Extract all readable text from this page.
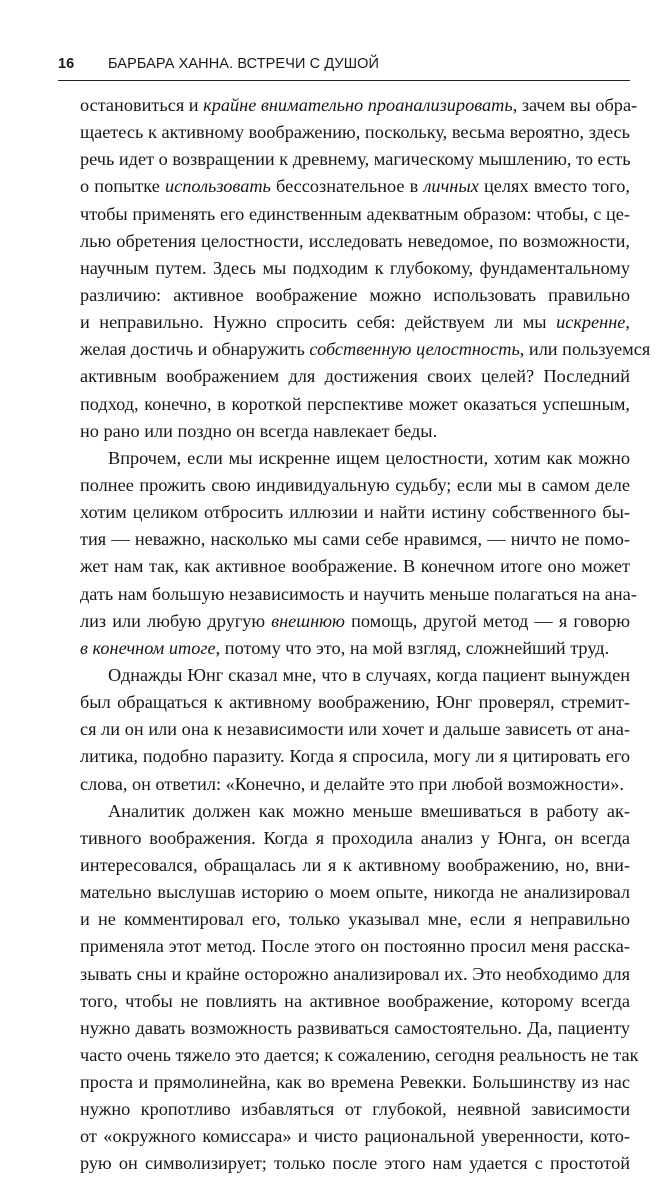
16 БАРБАРА ХАННА. ВСТРЕЧИ С ДУШОЙ
остановиться и крайне внимательно проанализировать, зачем вы обра-
щаетесь к активному воображению, поскольку, весьма вероятно, здесь
речь идет о возвращении к древнему, магическому мышлению, то есть
о попытке использовать бессознательное в личных целях вместо того,
чтобы применять его единственным адекватным образом: чтобы, с це-
лью обретения целостности, исследовать неведомое, по возможности,
научным путем. Здесь мы подходим к глубокому, фундаментальному
различию: активное воображение можно использовать правильно
и неправильно. Нужно спросить себя: действуем ли мы искренне,
желая достичь и обнаружить собственную целостность, или пользуемся
активным воображением для достижения своих целей? Последний
подход, конечно, в короткой перспективе может оказаться успешным,
но рано или поздно он всегда навлекает беды.
Впрочем, если мы искренне ищем целостности, хотим как можно
полнее прожить свою индивидуальную судьбу; если мы в самом деле
хотим целиком отбросить иллюзии и найти истину собственного бы-
тия — неважно, насколько мы сами себе нравимся, — ничто не помо-
жет нам так, как активное воображение. В конечном итоге оно может
дать нам большую независимость и научить меньше полагаться на ана-
лиз или любую другую внешнюю помощь, другой метод — я говорю
в конечном итоге, потому что это, на мой взгляд, сложнейший труд.
Однажды Юнг сказал мне, что в случаях, когда пациент вынужден
был обращаться к активному воображению, Юнг проверял, стремит-
ся ли он или она к независимости или хочет и дальше зависеть от ана-
литика, подобно паразиту. Когда я спросила, могу ли я цитировать его
слова, он ответил: «Конечно, и делайте это при любой возможности».
Аналитик должен как можно меньше вмешиваться в работу ак-
тивного воображения. Когда я проходила анализ у Юнга, он всегда
интересовался, обращалась ли я к активному воображению, но, вни-
мательно выслушав историю о моем опыте, никогда не анализировал
и не комментировал его, только указывал мне, если я неправильно
применяла этот метод. После этого он постоянно просил меня расска-
зывать сны и крайне осторожно анализировал их. Это необходимо для
того, чтобы не повлиять на активное воображение, которому всегда
нужно давать возможность развиваться самостоятельно. Да, пациенту
часто очень тяжело это дается; к сожалению, сегодня реальность не так
проста и прямолинейна, как во времена Ревекки. Большинству из нас
нужно кропотливо избавляться от глубокой, неявной зависимости
от «окружного комиссара» и чисто рациональной уверенности, кото-
рую он символизирует; только после этого нам удается с простотой
